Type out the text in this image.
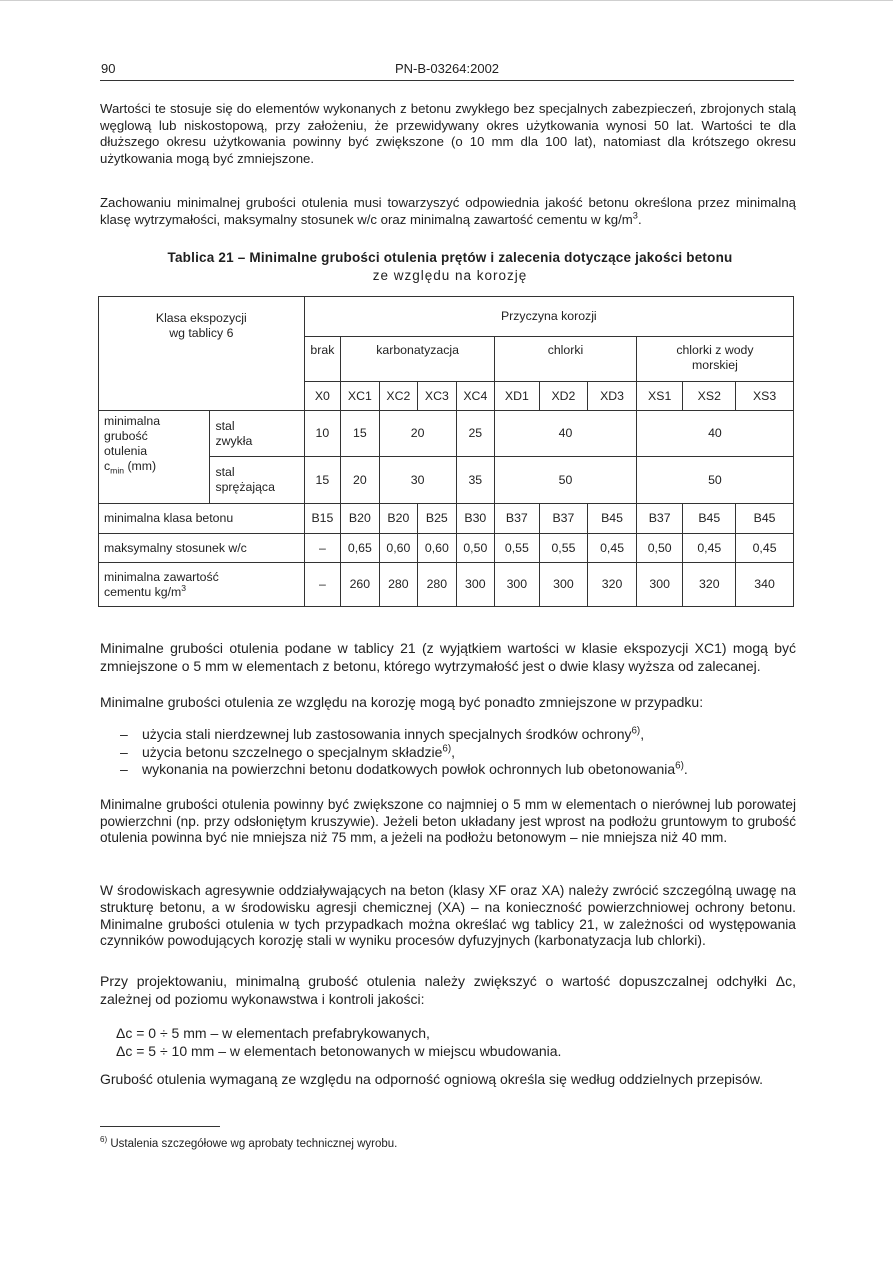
90	PN-B-03264:2002

Wartości te stosuje się do elementów wykonanych z betonu zwykłego bez specjalnych zabezpieczeń, zbrojonych stalą węglową lub niskostopową, przy założeniu, że przewidywany okres użytkowania wynosi 50 lat. Wartości te dla dłuższego okresu użytkowania powinny być zwiększone (o 10 mm dla 100 lat), natomiast dla krótszego okresu użytkowania mogą być zmniejszone.

Zachowaniu minimalnej grubości otulenia musi towarzyszyć odpowiednia jakość betonu określona przez minimalną klasę wytrzymałości, maksymalny stosunek w/c oraz minimalną zawartość cementu w $kg/m^3$.

Tablica 21 – Minimalne grubości otulenia prętów i zalecenia dotyczące jakości betonu
ze względu na korozję
Klasa ekspozycji wg tablicy 6		Przyczyna korozji										
		brak	karbonatyzacja				chlorki			chlorki z wody morskiej		

		X0	XC1	XC2	XC3	XC4	XD1	XD2	XD3	XS1	XS2	XS3

minimalna grubość otulenia
$c_{min}$ (mm)	stal zwykła	10	15	20		25	40			40		

	stal sprężająca	15	20	30		35	50			50		
minimalna klasa betonu		B15	B20	B20	B25	B30	B37	B37	B45	B37	B45	B45
maksymalny stosunek w/c		–	0,65	0,60	0,60	0,50	0,55	0,55	0,45	0,50	0,45	0,45

minimalna zawartość cementu $kg/m^3$		–	260	280	280	300	300	300	320	300	320	340

Minimalne grubości otulenia podane w tablicy 21 (z wyjątkiem wartości w klasie ekspozycji XC1) mogą być zmniejszone o 5 mm w elementach z betonu, którego wytrzymałość jest o dwie klasy wyższa od zalecanej.

Minimalne grubości otulenia ze względu na korozję mogą być ponadto zmniejszone w przypadku:

– użycia stali nierdzewnej lub zastosowania innych specjalnych środków ochrony$^{6)}$,
– użycia betonu szczelnego o specjalnym składzie$^{6)}$,
– wykonania na powierzchni betonu dodatkowych powłok ochronnych lub obetonowania$^{6)}$.

Minimalne grubości otulenia powinny być zwiększone co najmniej o 5 mm w elementach o nierównej lub porowatej powierzchni (np. przy odsłoniętym kruszywie). Jeżeli beton układany jest wprost na podłożu gruntowym to grubość otulenia powinna być nie mniejsza niż 75 mm, a jeżeli na podłożu betonowym – nie mniejsza niż 40 mm.

W środowiskach agresywnie oddziaływających na beton (klasy XF oraz XA) należy zwrócić szczególną uwagę na strukturę betonu, a w środowisku agresji chemicznej (XA) – na konieczność powierzchniowej ochrony betonu. Minimalne grubości otulenia w tych przypadkach można określać wg tablicy 21, w zależności od występowania czynników powodujących korozję stali w wyniku procesów dyfuzyjnych (karbonatyzacja lub chlorki).

Przy projektowaniu, minimalną grubość otulenia należy zwiększyć o wartość dopuszczalnej odchyłki Δc, zależnej od poziomu wykonawstwa i kontroli jakości:

Δc = 0 ÷ 5 mm – w elementach prefabrykowanych,
Δc = 5 ÷ 10 mm – w elementach betonowanych w miejscu wbudowania.

Grubość otulenia wymaganą ze względu na odporność ogniową określa się według oddzielnych przepisów.

$^{6)}$ Ustalenia szczegółowe wg aprobaty technicznej wyrobu.
